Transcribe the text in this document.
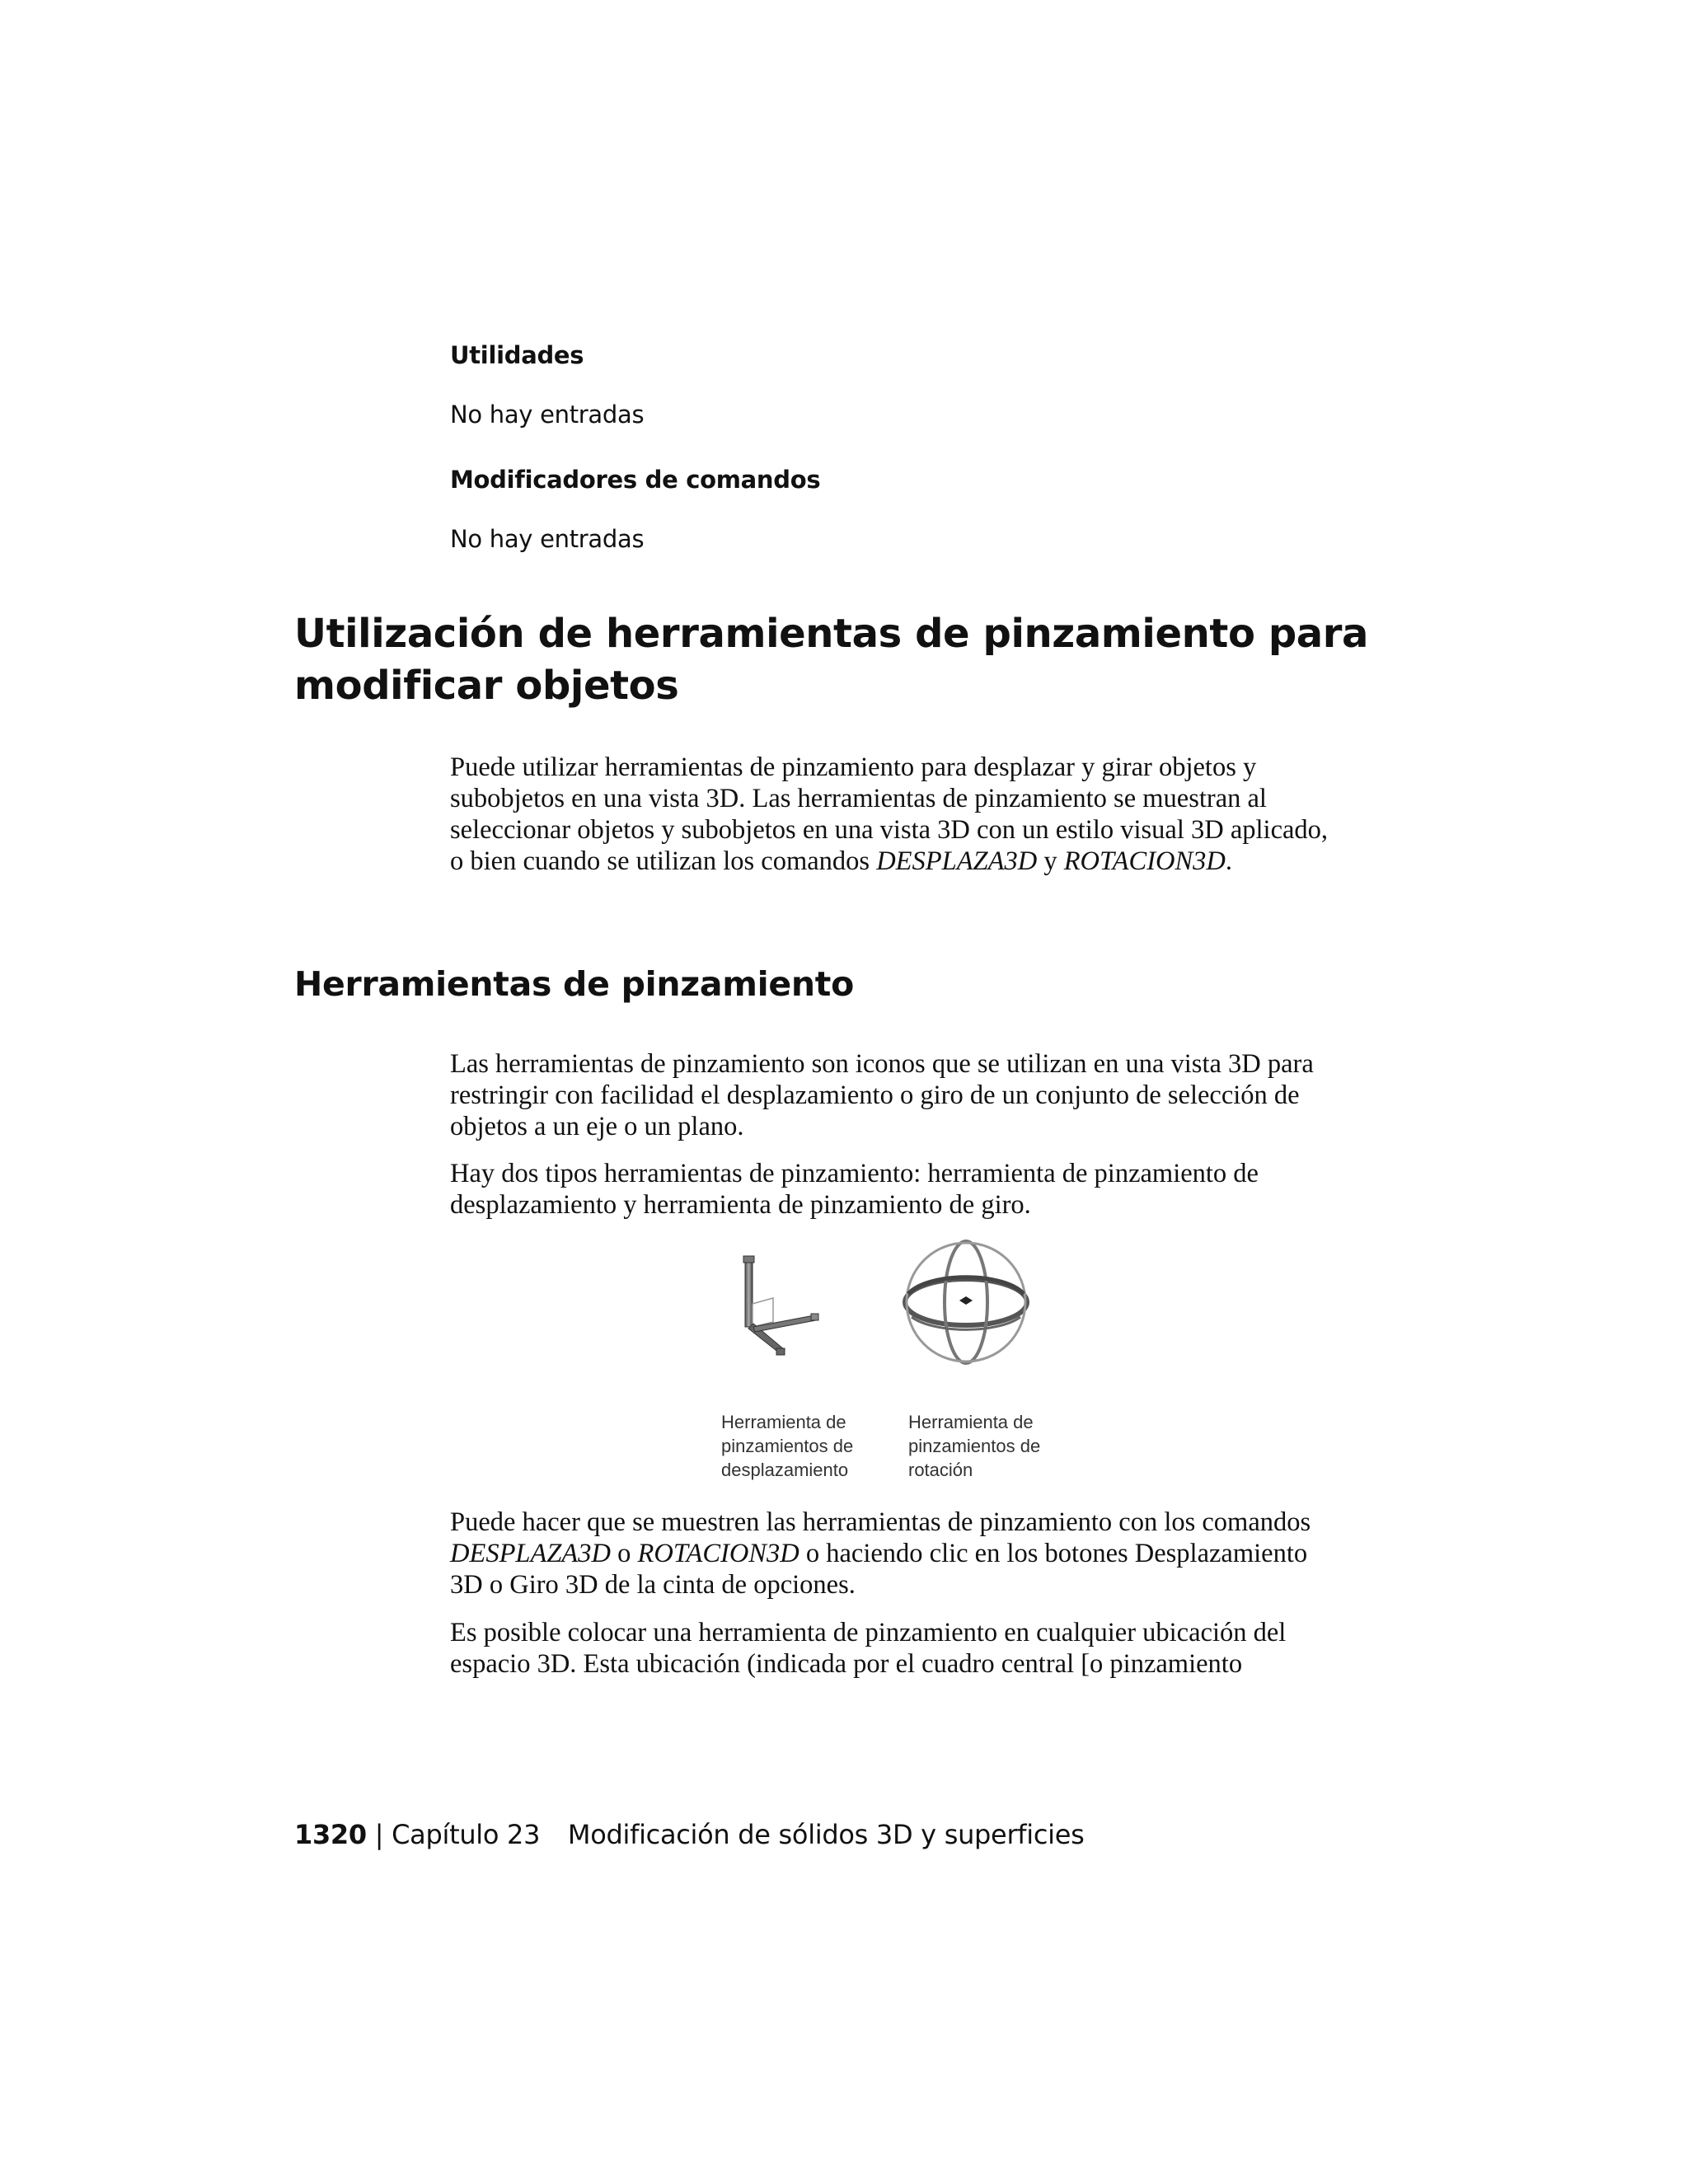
Utilidades
No hay entradas
Modificadores de comandos
No hay entradas
Utilización de herramientas de pinzamiento para
modificar objetos
Puede utilizar herramientas de pinzamiento para desplazar y girar objetos y subobjetos en una vista 3D. Las herramientas de pinzamiento se muestran al seleccionar objetos y subobjetos en una vista 3D con un estilo visual 3D aplicado, o bien cuando se utilizan los comandos DESPLAZA3D y ROTACION3D.
Herramientas de pinzamiento
Las herramientas de pinzamiento son iconos que se utilizan en una vista 3D para restringir con facilidad el desplazamiento o giro de un conjunto de selección de objetos a un eje o un plano.
Hay dos tipos herramientas de pinzamiento: herramienta de pinzamiento de desplazamiento y herramienta de pinzamiento de giro.
Herramienta de
pinzamientos de
desplazamiento
Herramienta de
pinzamientos de
rotación
Puede hacer que se muestren las herramientas de pinzamiento con los comandos DESPLAZA3D o ROTACION3D o haciendo clic en los botones Desplazamiento 3D o Giro 3D de la cinta de opciones.
Es posible colocar una herramienta de pinzamiento en cualquier ubicación del espacio 3D. Esta ubicación (indicada por el cuadro central [o pinzamiento
1320 | Capítulo 23 Modificación de sólidos 3D y superficies
